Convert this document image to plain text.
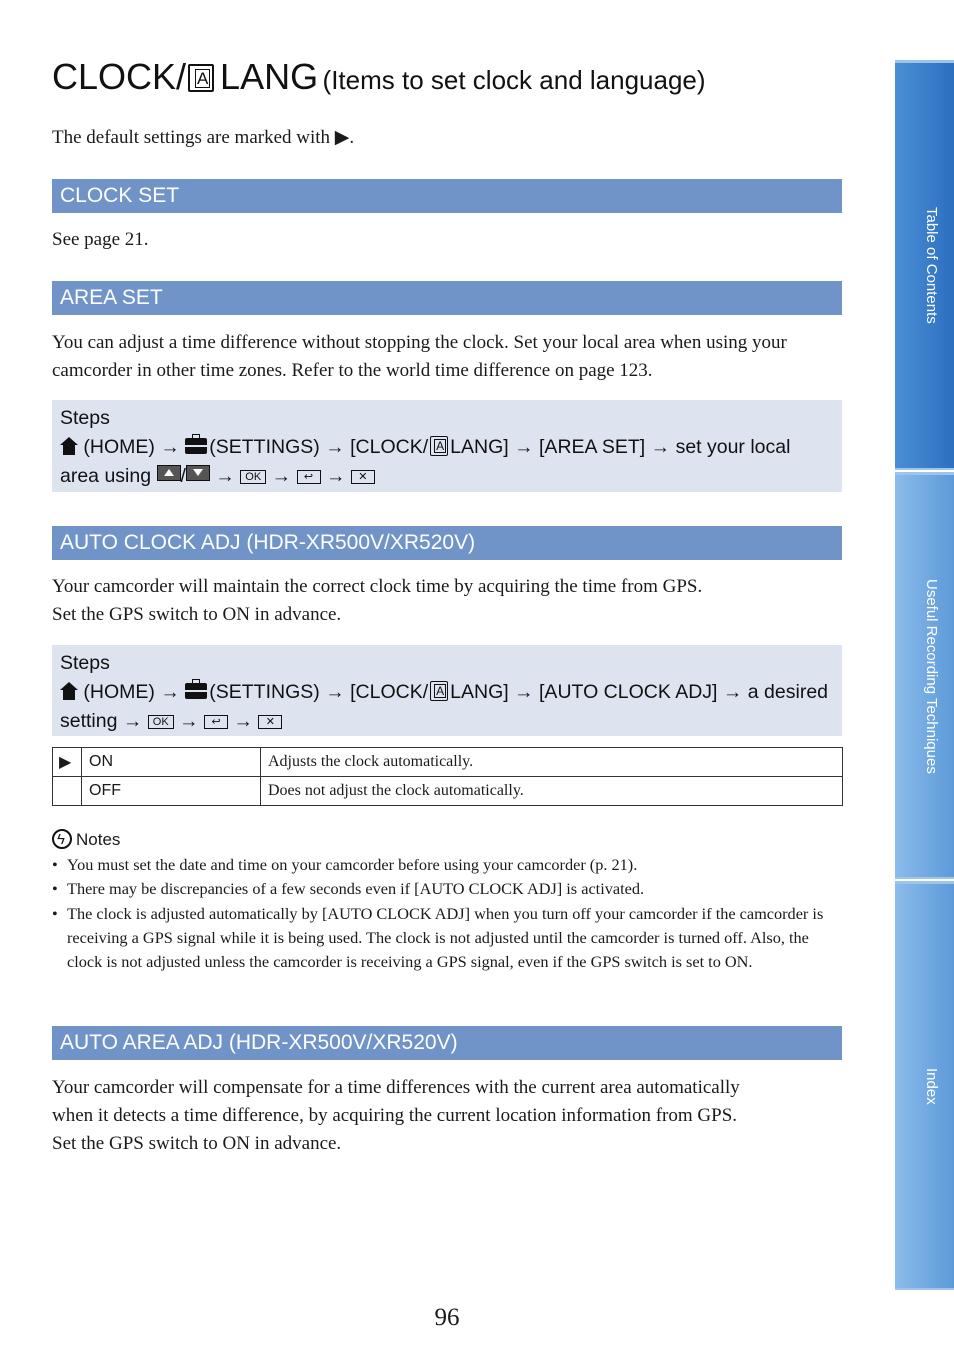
CLOCK/ A LANG (Items to set clock and language)
The default settings are marked with ▶.
CLOCK SET
See page 21.
AREA SET
You can adjust a time difference without stopping the clock. Set your local area when using your camcorder in other time zones. Refer to the world time difference on page 123.
Steps
(HOME) → (SETTINGS) → [CLOCK/ A LANG] → [AREA SET] → set your local area using / → OK → ↩ → ✕
AUTO CLOCK ADJ (HDR-XR500V/XR520V)
Your camcorder will maintain the correct clock time by acquiring the time from GPS.
Set the GPS switch to ON in advance.
Steps
(HOME) → (SETTINGS) → [CLOCK/ A LANG] → [AUTO CLOCK ADJ] → a desired setting → OK → ↩ → ✕
▶	ON	Adjusts the clock automatically.
	OFF	Does not adjust the clock automatically.
ϟNotes
• You must set the date and time on your camcorder before using your camcorder (p. 21).
• There may be discrepancies of a few seconds even if [AUTO CLOCK ADJ] is activated.
• The clock is adjusted automatically by [AUTO CLOCK ADJ] when you turn off your camcorder if the camcorder is receiving a GPS signal while it is being used. The clock is not adjusted until the camcorder is turned off. Also, the clock is not adjusted unless the camcorder is receiving a GPS signal, even if the GPS switch is set to ON.
AUTO AREA ADJ (HDR-XR500V/XR520V)
Your camcorder will compensate for a time differences with the current area automatically
when it detects a time difference, by acquiring the current location information from GPS.
Set the GPS switch to ON in advance.
96
Table of Contents
Useful Recording Techniques
Index
